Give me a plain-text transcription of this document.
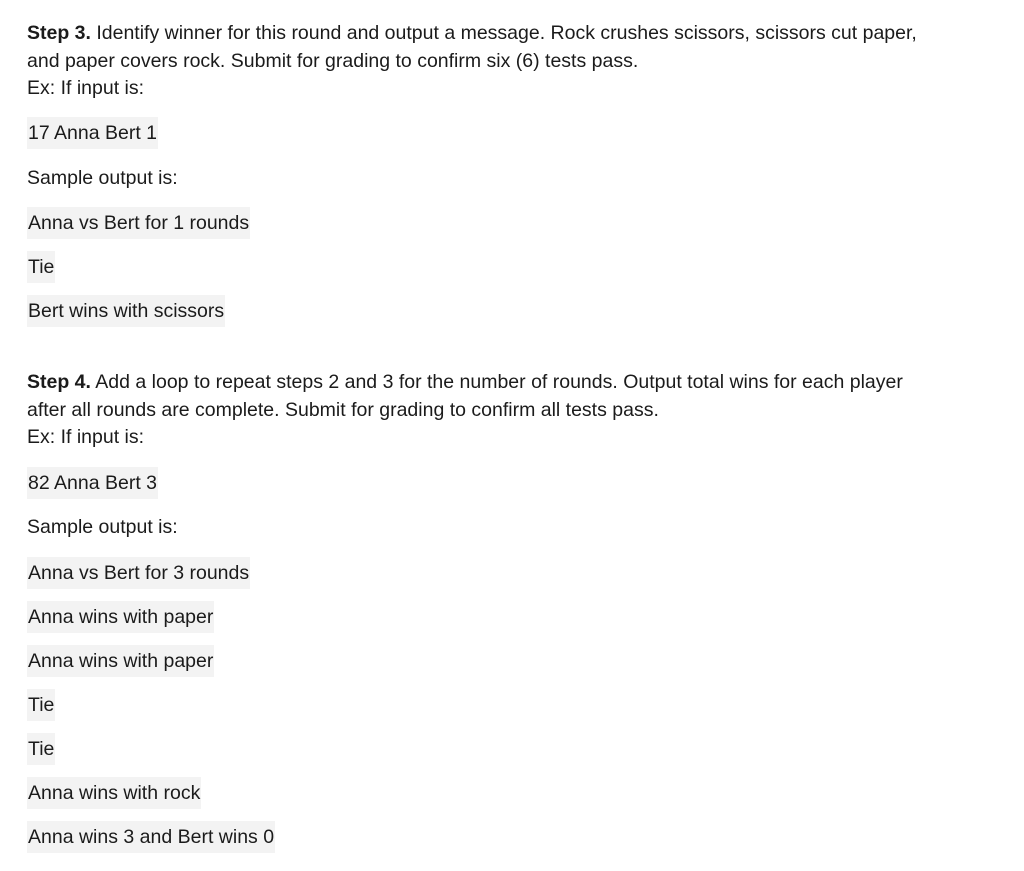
Step 3. Identify winner for this round and output a message. Rock crushes scissors, scissors cut paper,

and paper covers rock. Submit for grading to confirm six (6) tests pass.

Ex: If input is:

17 Anna Bert 1
Sample output is:
Anna vs Bert for 1 rounds
Tie
Bert wins with scissors

Step 4. Add a loop to repeat steps 2 and 3 for the number of rounds. Output total wins for each player

after all rounds are complete. Submit for grading to confirm all tests pass.

Ex: If input is:

82 Anna Bert 3
Sample output is:
Anna vs Bert for 3 rounds
Anna wins with paper
Anna wins with paper
Tie
Tie
Anna wins with rock
Anna wins 3 and Bert wins 0
